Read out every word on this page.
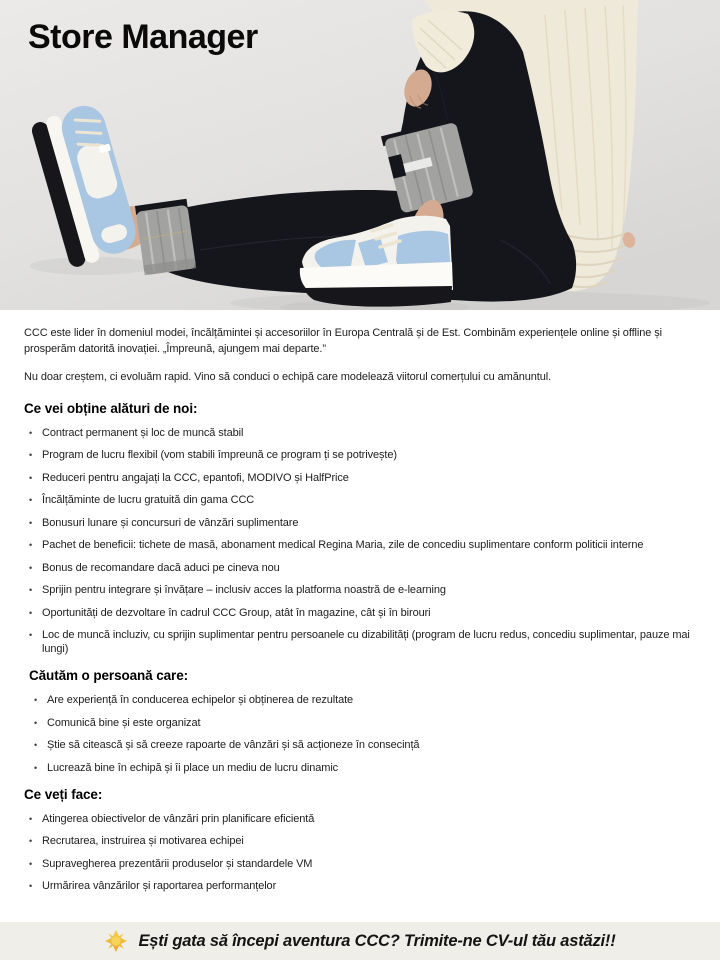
Store Manager

CCC este lider în domeniul modei, încălțămintei și accesoriilor în Europa Centrală și de Est. Combinăm experiențele online și offline și prosperăm datorită inovației. „Împreună, ajungem mai departe.”

Nu doar creștem, ci evoluăm rapid. Vino să conduci o echipă care modelează viitorul comerțului cu amănuntul.

Ce vei obține alături de noi:
• Contract permanent și loc de muncă stabil
• Program de lucru flexibil (vom stabili împreună ce program ți se potrivește)
• Reduceri pentru angajați la CCC, epantofi, MODIVO și HalfPrice
• Încălțăminte de lucru gratuită din gama CCC
• Bonusuri lunare și concursuri de vânzări suplimentare
• Pachet de beneficii: tichete de masă, abonament medical Regina Maria, zile de concediu suplimentare conform politicii interne
• Bonus de recomandare dacă aduci pe cineva nou
• Sprijin pentru integrare și învățare – inclusiv acces la platforma noastră de e-learning
• Oportunități de dezvoltare în cadrul CCC Group, atât în magazine, cât și în birouri
• Loc de muncă incluziv, cu sprijin suplimentar pentru persoanele cu dizabilități (program de lucru redus, concediu suplimentar, pauze mai lungi)
Căutăm o persoană care:
• Are experiență în conducerea echipelor și obținerea de rezultate
• Comunică bine și este organizat
• Știe să citească și să creeze rapoarte de vânzări și să acționeze în consecință
• Lucrează bine în echipă și îi place un mediu de lucru dinamic
Ce veți face:
• Atingerea obiectivelor de vânzări prin planificare eficientă
• Recrutarea, instruirea și motivarea echipei
• Supravegherea prezentării produselor și standardele VM
• Urmărirea vânzărilor și raportarea performanțelor
Ești gata să începi aventura CCC? Trimite-ne CV-ul tău astăzi!!
